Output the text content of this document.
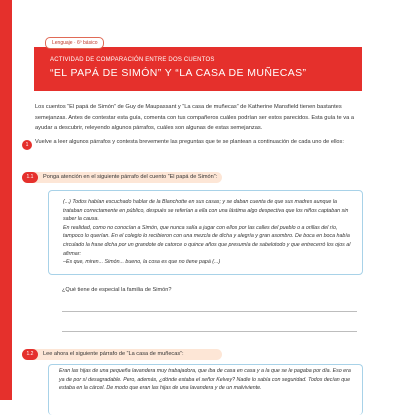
Lenguaje · 6º básico
ACTIVIDAD DE COMPARACIÓN ENTRE DOS CUENTOS
“EL PAPÁ DE SIMÓN” Y “LA CASA DE MUÑECAS”

Los cuentos “El papá de Simón” de Guy de Maupassant y “La casa de muñecas” de Katherine Mansfield tienen bastantes semejanzas. Antes de contestar esta guía, comenta con tus compañeros cuáles podrían ser estos parecidos. Esta guía te va a ayudar a descubrir, releyendo algunos párrafos, cuáles son algunas de estas semejanzas.

1	Vuelve a leer algunos párrafos y contesta brevemente las preguntas que te se plantean a continuación de cada uno de ellos:

1.1	Ponga atención en el siguiente párrafo del cuento “El papá de Simón”:

(...) Todos habían escuchado hablar de la Blanchotte en sus casas; y se daban cuenta de que sus madres aunque la trataban correctamente en público, después se referían a ella con una lástima algo despectiva que los niños captaban sin saber la causa.

En realidad, como no conocían a Simón, que nunca salía a jugar con ellos por las calles del pueblo o a orillas del río, tampoco lo querían. En el colegio lo recibieron con una mezcla de dicha y alegría y gran asombro. De boca en boca había circulado la frase dicha por un grandote de catorce o quince años que presumía de sabelotodo y que entrecerró los ojos al afirmar:

–Es que, miren... Simón... bueno, la cosa es que no tiene papá (...)

¿Qué tiene de especial la familia de Simón?
1.2	Lee ahora el siguiente párrafo de “La casa de muñecas”:

Eran las hijas de una pequeña lavandera muy trabajadora, que iba de casa en casa y a la que se le pagaba por día. Eso era ya de por sí desagradable. Pero, además, ¿dónde estaba el señor Kelvey? Nadie lo sabía con seguridad. Todos decían que estaba en la cárcel. De modo que eran las hijas de una lavandera y de un malviviente.
